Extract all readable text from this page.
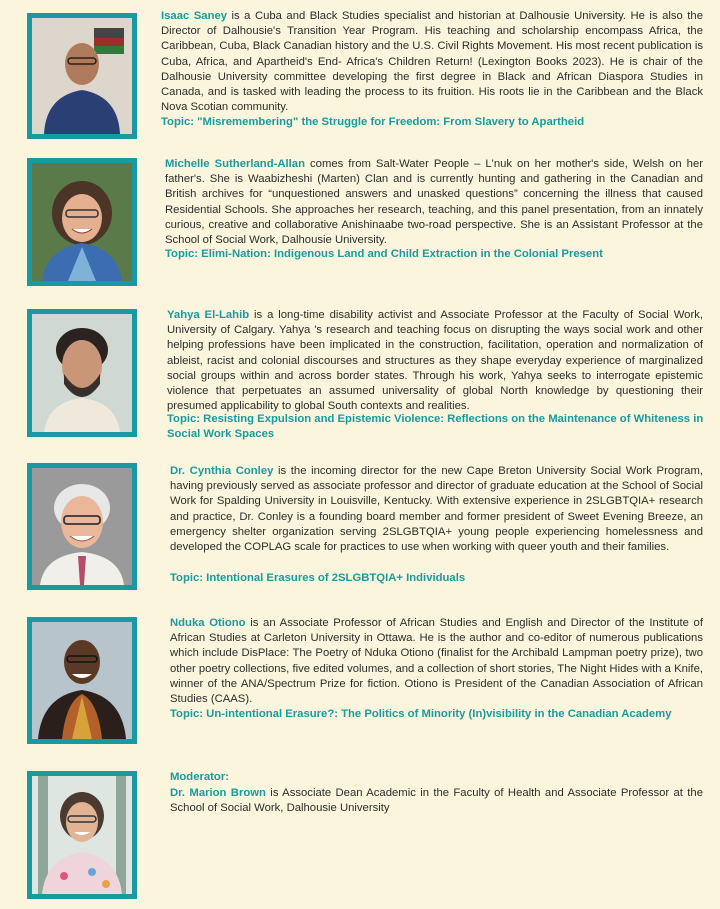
Isaac Saney is a Cuba and Black Studies specialist and historian at Dalhousie University. He is also the Director of Dalhousie's Transition Year Program. His teaching and scholarship encompass Africa, the Caribbean, Cuba, Black Canadian history and the U.S. Civil Rights Movement. His most recent publication is Cuba, Africa, and Apartheid's End- Africa's Children Return! (Lexington Books 2023). He is chair of the Dalhousie University committee developing the first degree in Black and African Diaspora Studies in Canada, and is tasked with leading the process to its fruition. His roots lie in the Caribbean and the Black Nova Scotian community.

Topic: "Misremembering" the Struggle for Freedom: From Slavery to Apartheid

Michelle Sutherland-Allan comes from Salt-Water People – L'nuk on her mother's side, Welsh on her father's. She is Waabizheshi (Marten) Clan and is currently hunting and gathering in the Canadian and British archives for “unquestioned answers and unasked questions” concerning the illness that caused Residential Schools. She approaches her research, teaching, and this panel presentation, from an innately curious, creative and collaborative Anishinaabe two-road perspective. She is an Assistant Professor at the School of Social Work, Dalhousie University.

Topic: Elimi-Nation: Indigenous Land and Child Extraction in the Colonial Present

Yahya El-Lahib is a long-time disability activist and Associate Professor at the Faculty of Social Work, University of Calgary. Yahya 's research and teaching focus on disrupting the ways social work and other helping professions have been implicated in the construction, facilitation, operation and normalization of ableist, racist and colonial discourses and structures as they shape everyday experience of marginalized social groups within and across border states. Through his work, Yahya seeks to interrogate epistemic violence that perpetuates an assumed universality of global North knowledge by questioning their presumed applicability to global South contexts and realities.

Topic: Resisting Expulsion and Epistemic Violence: Reflections on the Maintenance of Whiteness in Social Work Spaces

Dr. Cynthia Conley is the incoming director for the new Cape Breton University Social Work Program, having previously served as associate professor and director of graduate education at the School of Social Work for Spalding University in Louisville, Kentucky. With extensive experience in 2SLGBTQIA+ research and practice, Dr. Conley is a founding board member and former president of Sweet Evening Breeze, an emergency shelter organization serving 2SLGBTQIA+ young people experiencing homelessness and developed the COPLAG scale for practices to use when working with queer youth and their families.

Topic: Intentional Erasures of 2SLGBTQIA+ Individuals

Nduka Otiono is an Associate Professor of African Studies and English and Director of the Institute of African Studies at Carleton University in Ottawa. He is the author and co-editor of numerous publications which include DisPlace: The Poetry of Nduka Otiono (finalist for the Archibald Lampman poetry prize), two other poetry collections, five edited volumes, and a collection of short stories, The Night Hides with a Knife, winner of the ANA/Spectrum Prize for fiction. Otiono is President of the Canadian Association of African Studies (CAAS).

Topic: Un-intentional Erasure?: The Politics of Minority (In)visibility in the Canadian Academy

Moderator:

Dr. Marion Brown is Associate Dean Academic in the Faculty of Health and Associate Professor at the School of Social Work, Dalhousie University
